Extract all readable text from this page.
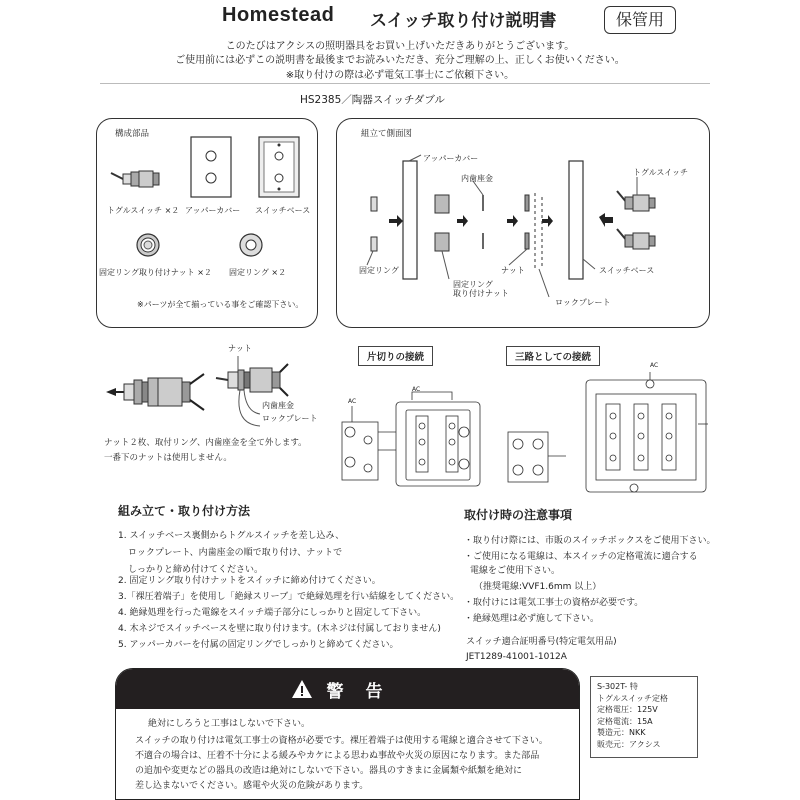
Homestead スイッチ取り付け説明書	保管用
このたびはアクシスの照明器具をお買い上げいただきありがとうございます。
ご使用前には必ずこの説明書を最後までお読みいただき、充分ご理解の上、正しくお使いください。
※取り付けの際は必ず電気工事士にご依頼下さい。
HS2385／陶器スイッチダブル
構成部品
トグルスイッチ ×２ アッパーカバー スイッチベース
固定リング取り付けナット ×２ 固定リング ×２
※パーツが全て揃っている事をご確認下さい。
組立て側面図
アッパーカバー
内歯座金
トグルスイッチ
固定リング
固定リング
取り付けナット
ナット
ロックプレート
スイッチベース
ナット
内歯座金
ロックプレート
ナット２枚、取付リング、内歯座金を全て外します。
一番下のナットは使用しません。
片切りの接続	三路としての接続
AC
AC
AC
組み立て・取り付け方法
1. スイッチベース裏側からトグルスイッチを差し込み、
ロックプレート、内歯座金の順で取り付け、ナットで
しっかりと締め付けてください。
2. 固定リング取り付けナットをスイッチに締め付けてください。
3.「裸圧着端子」を使用し「絶縁スリーブ」で絶縁処理を行い結線をしてください。
4. 絶縁処理を行った電線をスイッチ端子部分にしっかりと固定して下さい。
4. 木ネジでスイッチベースを壁に取り付けます。(木ネジは付属しておりません)
5. アッパーカバーを付属の固定リングでしっかりと締めてください。
取付け時の注意事項
・取り付け際には、市販のスイッチボックスをご使用下さい。
・ご使用になる電線は、本スイッチの定格電流に適合する
電線をご使用下さい。
（推奨電線:VVF1.6mm 以上）
・取付けには電気工事士の資格が必要です。
・絶縁処理は必ず施して下さい。
スイッチ適合証明番号(特定電気用品)
JET1289-41001-1012A
警告
絶対にしろうと工事はしないで下さい。
スイッチの取り付けは電気工事士の資格が必要です。裸圧着端子は使用する電線と適合させて下さい。
不適合の場合は、圧着不十分による緩みやカケによる思わぬ事故や火災の原因になります。また部品
の追加や変更などの器具の改造は絶対にしないで下さい。器具のすきまに金属類や紙類を絶対に
差し込まないでください。感電や火災の危険があります。
S-302T- 特
トグルスイッチ定格
定格電圧：125V
定格電流：15A
製造元：NKK
販売元：アクシス
